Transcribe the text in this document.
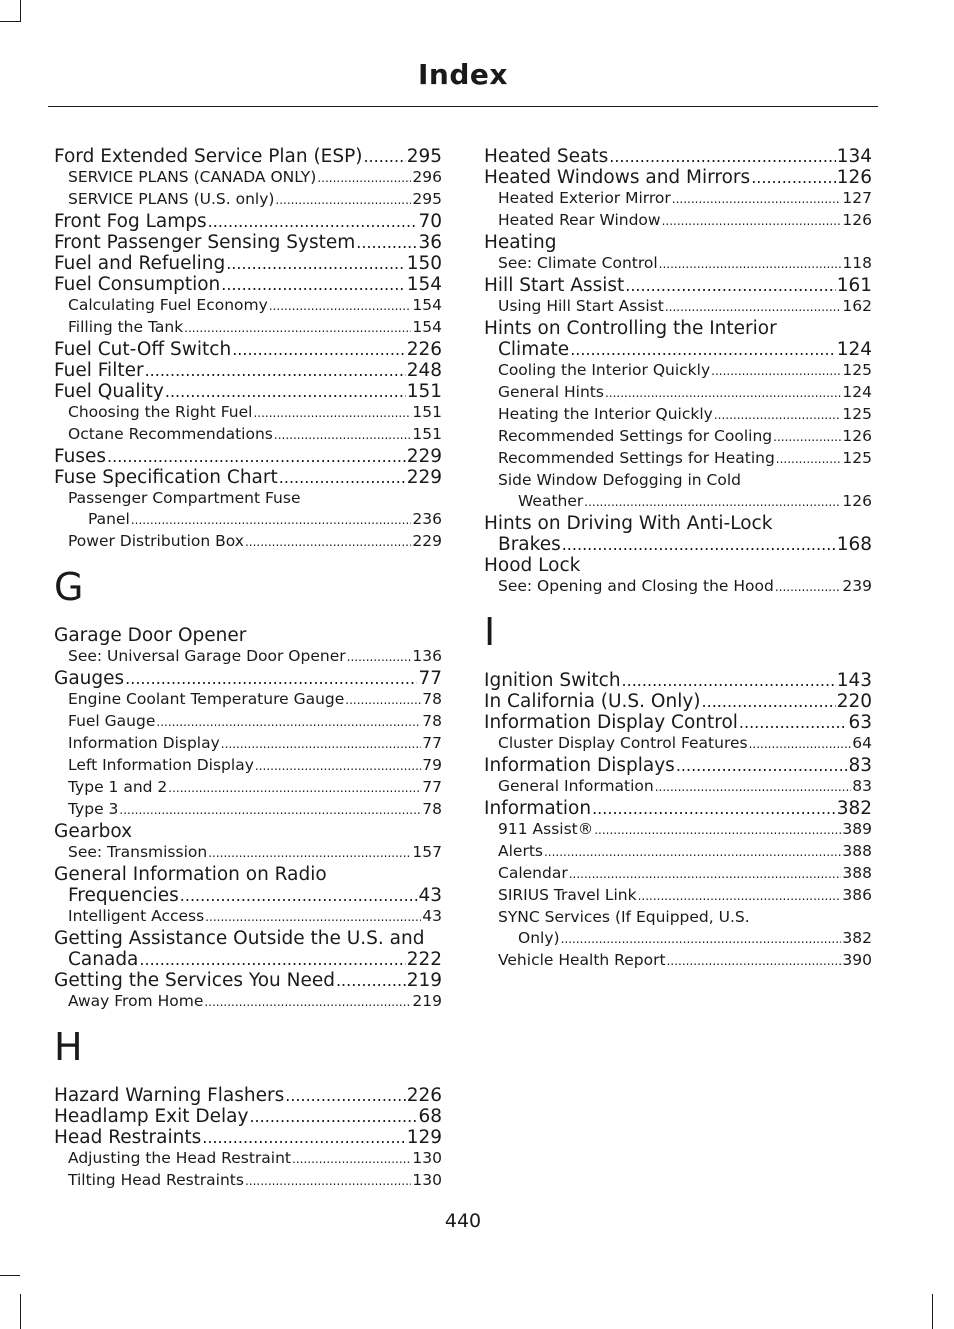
Index
Ford Extended Service Plan (ESP) ..... 295
SERVICE PLANS (CANADA ONLY) .....	296
SERVICE PLANS (U.S. only) .....	295
Front Fog Lamps .....	70
Front Passenger Sensing System .....	36
Fuel and Refueling .....	150
Fuel Consumption .....	154
Calculating Fuel Economy .....	154
Filling the Tank .....	154
Fuel Cut-Off Switch .....	226
Fuel Filter .....	248
Fuel Quality .....	151
Choosing the Right Fuel .....	151
Octane Recommendations .....	151
Fuses .....	229
Fuse Specification Chart .....	229
Passenger Compartment Fuse
Panel .....	236
Power Distribution Box .....	229
G
Garage Door Opener
See: Universal Garage Door Opener .....	136
Gauges .....	77
Engine Coolant Temperature Gauge .....	78
Fuel Gauge .....	78
Information Display .....	77
Left Information Display .....	79
Type 1 and 2 .....	77
Type 3 .....	78
Gearbox
See: Transmission .....	157
General Information on Radio
Frequencies .....	43
Intelligent Access .....	43
Getting Assistance Outside the U.S. and
Canada .....	222
Getting the Services You Need .....	219
Away From Home .....	219
H
Hazard Warning Flashers .....	226
Headlamp Exit Delay .....	68
Head Restraints .....	129
Adjusting the Head Restraint .....	130
Tilting Head Restraints .....	130
Heated Seats .....	134
Heated Windows and Mirrors .....	126
Heated Exterior Mirror .....	127
Heated Rear Window .....	126
Heating
See: Climate Control .....	118
Hill Start Assist .....	161
Using Hill Start Assist .....	162
Hints on Controlling the Interior
Climate .....	124
Cooling the Interior Quickly .....	125
General Hints .....	124
Heating the Interior Quickly .....	125
Recommended Settings for Cooling .....	126
Recommended Settings for Heating .....	125
Side Window Defogging in Cold
Weather .....	126
Hints on Driving With Anti-Lock
Brakes .....	168
Hood Lock
See: Opening and Closing the Hood .....	239
I
Ignition Switch .....	143
In California (U.S. Only) .....	220
Information Display Control .....	63
Cluster Display Control Features .....	64
Information Displays .....	83
General Information .....	83
Information .....	382
911 Assist® .....	389
Alerts .....	388
Calendar .....	388
SIRIUS Travel Link .....	386
SYNC Services (If Equipped, U.S.
Only) .....	382
Vehicle Health Report .....	390
440
